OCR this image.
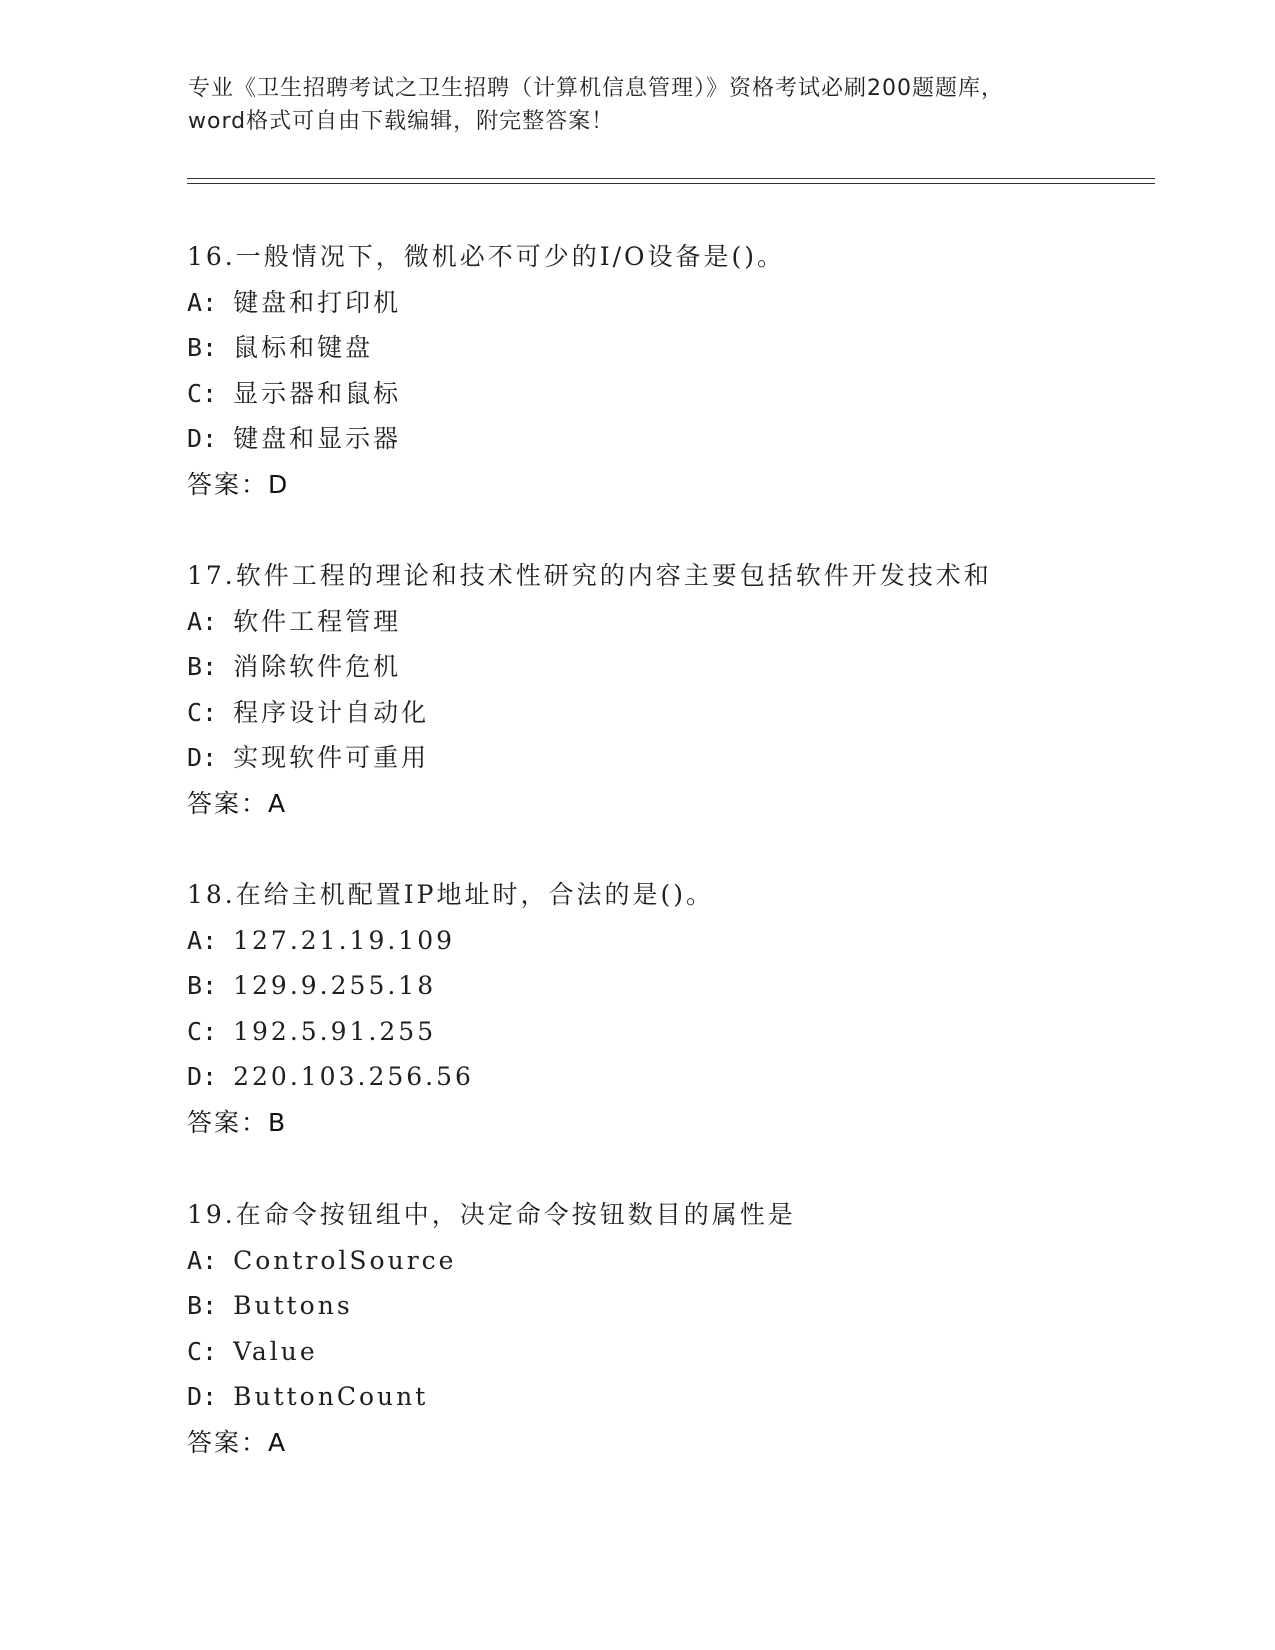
专业《卫生招聘考试之卫生招聘（计算机信息管理）》资格考试必刷200题题库，
word格式可自由下载编辑，附完整答案！
16.一般情况下，微机必不可少的I/O设备是()。
A: 键盘和打印机
B: 鼠标和键盘
C: 显示器和鼠标
D: 键盘和显示器
答案：D
17.软件工程的理论和技术性研究的内容主要包括软件开发技术和
A: 软件工程管理
B: 消除软件危机
C: 程序设计自动化
D: 实现软件可重用
答案：A
18.在给主机配置IP地址时，合法的是()。
A: 127.21.19.109
B: 129.9.255.18
C: 192.5.91.255
D: 220.103.256.56
答案：B
19.在命令按钮组中，决定命令按钮数目的属性是
A: ControlSource
B: Buttons
C: Value
D: ButtonCount
答案：A
